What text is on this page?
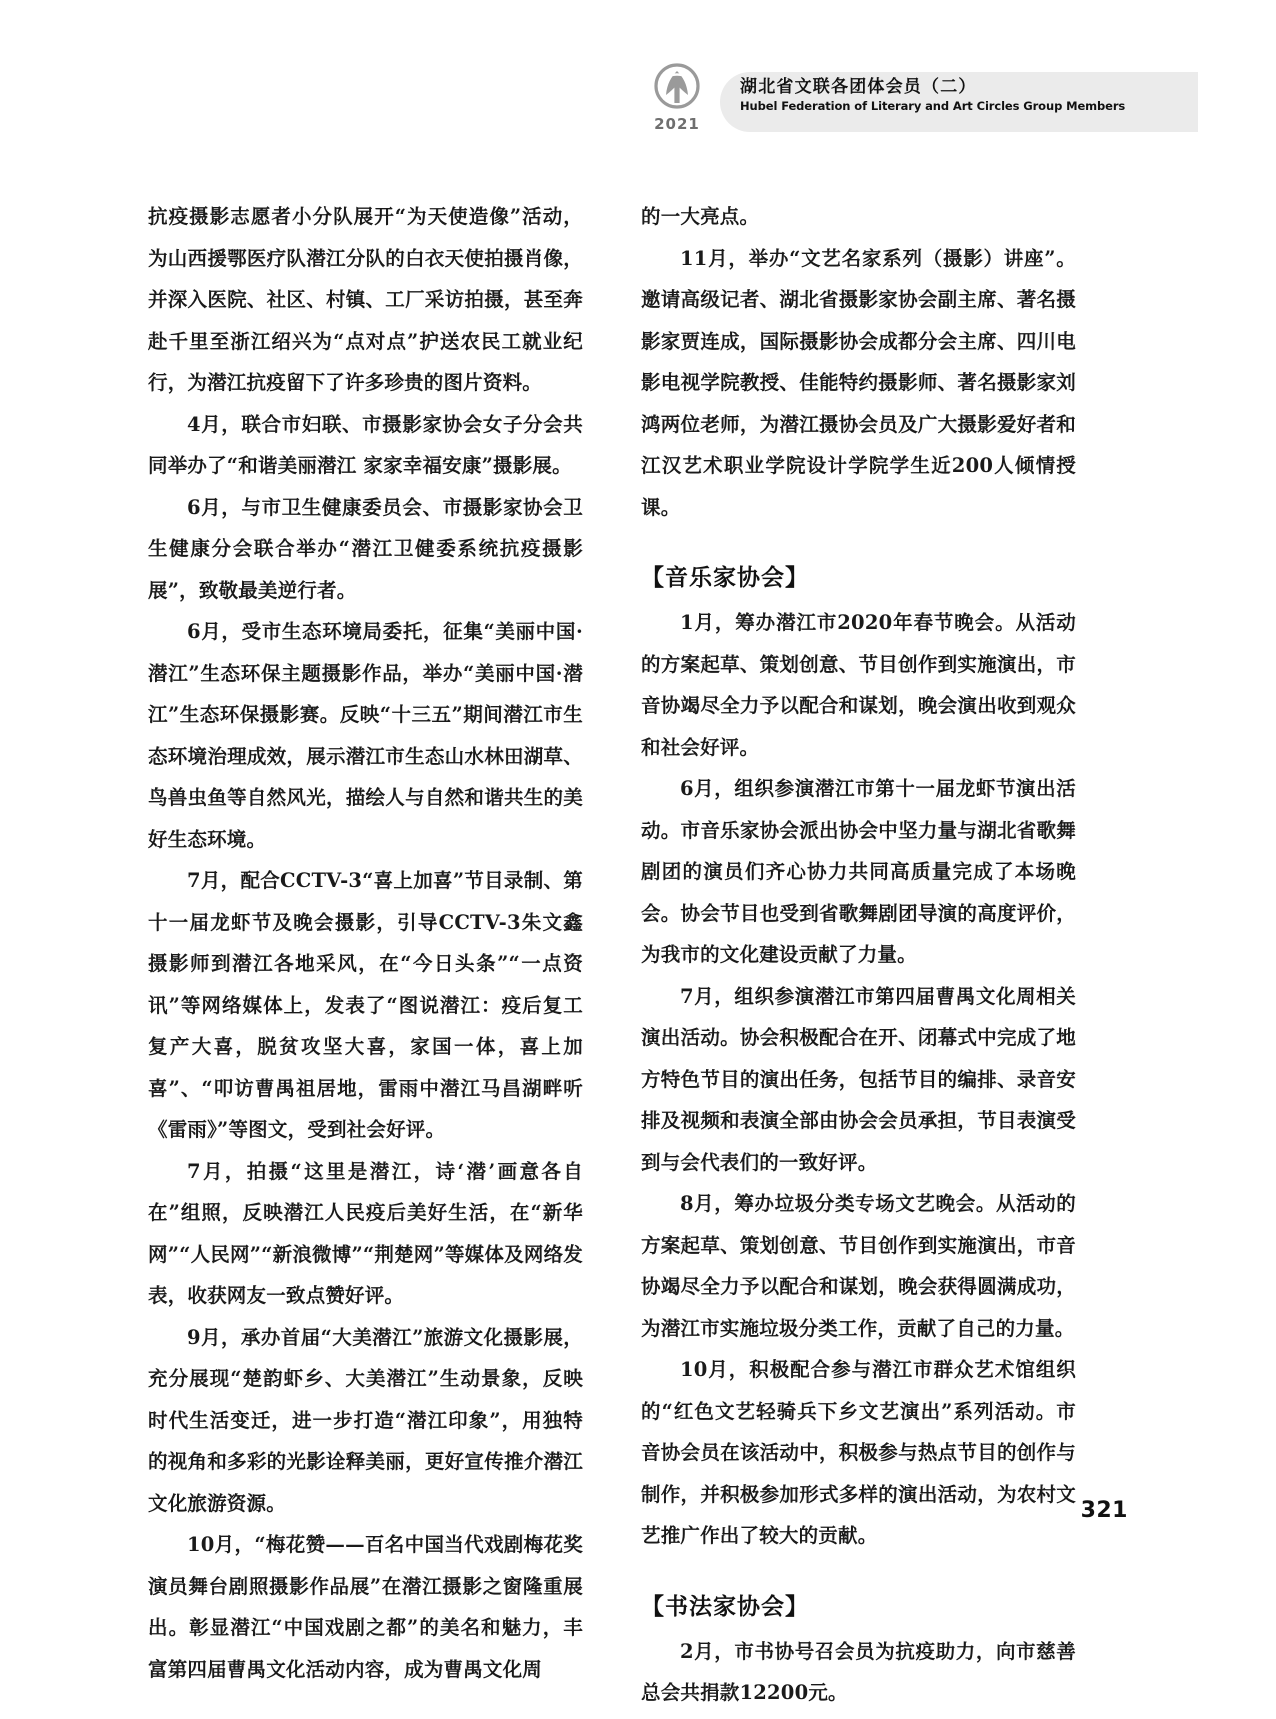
2021
湖北省文联各团体会员（二）
Hubel Federation of Literary and Art Circles Group Members

抗疫摄影志愿者小分队展开“为天使造像”活动，为山西援鄂医疗队潜江分队的白衣天使拍摄肖像，并深入医院、社区、村镇、工厂采访拍摄，甚至奔赴千里至浙江绍兴为“点对点”护送农民工就业纪行，为潜江抗疫留下了许多珍贵的图片资料。

4月，联合市妇联、市摄影家协会女子分会共同举办了“和谐美丽潜江 家家幸福安康”摄影展。

6月，与市卫生健康委员会、市摄影家协会卫生健康分会联合举办“潜江卫健委系统抗疫摄影展”，致敬最美逆行者。

6月，受市生态环境局委托，征集“美丽中国·潜江”生态环保主题摄影作品，举办“美丽中国·潜江”生态环保摄影赛。反映“十三五”期间潜江市生态环境治理成效，展示潜江市生态山水林田湖草、鸟兽虫鱼等自然风光，描绘人与自然和谐共生的美好生态环境。

7月，配合CCTV-3“喜上加喜”节目录制、第十一届龙虾节及晚会摄影，引导CCTV-3朱文鑫摄影师到潜江各地采风，在“今日头条”“一点资讯”等网络媒体上，发表了“图说潜江：疫后复工复产大喜，脱贫攻坚大喜，家国一体，喜上加喜”、“叩访曹禺祖居地，雷雨中潜江马昌湖畔听《雷雨》”等图文，受到社会好评。

7月，拍摄“这里是潜江，诗‘潜’画意各自在”组照，反映潜江人民疫后美好生活，在“新华网”“人民网”“新浪微博”“荆楚网”等媒体及网络发表，收获网友一致点赞好评。

9月，承办首届“大美潜江”旅游文化摄影展，充分展现“楚韵虾乡、大美潜江”生动景象，反映时代生活变迁，进一步打造“潜江印象”，用独特的视角和多彩的光影诠释美丽，更好宣传推介潜江文化旅游资源。

10月，“梅花赞——百名中国当代戏剧梅花奖演员舞台剧照摄影作品展”在潜江摄影之窗隆重展出。彰显潜江“中国戏剧之都”的美名和魅力，丰富第四届曹禺文化活动内容，成为曹禺文化周

的一大亮点。

11月，举办“文艺名家系列（摄影）讲座”。邀请高级记者、湖北省摄影家协会副主席、著名摄影家贾连成，国际摄影协会成都分会主席、四川电影电视学院教授、佳能特约摄影师、著名摄影家刘鸿两位老师，为潜江摄协会员及广大摄影爱好者和江汉艺术职业学院设计学院学生近200人倾情授课。

【音乐家协会】

1月，筹办潜江市2020年春节晚会。从活动的方案起草、策划创意、节目创作到实施演出，市音协竭尽全力予以配合和谋划，晚会演出收到观众和社会好评。

6月，组织参演潜江市第十一届龙虾节演出活动。市音乐家协会派出协会中坚力量与湖北省歌舞剧团的演员们齐心协力共同高质量完成了本场晚会。协会节目也受到省歌舞剧团导演的高度评价，为我市的文化建设贡献了力量。

7月，组织参演潜江市第四届曹禺文化周相关演出活动。协会积极配合在开、闭幕式中完成了地方特色节目的演出任务，包括节目的编排、录音安排及视频和表演全部由协会会员承担，节目表演受到与会代表们的一致好评。

8月，筹办垃圾分类专场文艺晚会。从活动的方案起草、策划创意、节目创作到实施演出，市音协竭尽全力予以配合和谋划，晚会获得圆满成功，为潜江市实施垃圾分类工作，贡献了自己的力量。

10月，积极配合参与潜江市群众艺术馆组织的“红色文艺轻骑兵下乡文艺演出”系列活动。市音协会员在该活动中，积极参与热点节目的创作与制作，并积极参加形式多样的演出活动，为农村文艺推广作出了较大的贡献。

【书法家协会】

2月，市书协号召会员为抗疫助力，向市慈善总会共捐款12200元。

321
